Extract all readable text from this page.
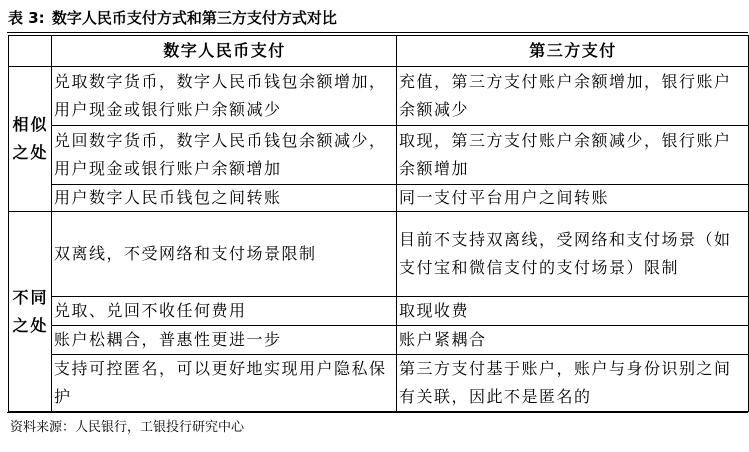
表 3: 数字人民币支付方式和第三方支付方式对比
	数字人民币支付	第三方支付
相似之处	兑取数字货币，数字人民币钱包余额增加，用户现金或银行账户余额减少	充值，第三方支付账户余额增加，银行账户余额减少
	兑回数字货币，数字人民币钱包余额减少，用户现金或银行账户余额增加	取现，第三方支付账户余额减少，银行账户余额增加
	用户数字人民币钱包之间转账	同一支付平台用户之间转账
不同之处	双离线，不受网络和支付场景限制	目前不支持双离线，受网络和支付场景（如支付宝和微信支付的支付场景）限制
	兑取、兑回不收任何费用	取现收费
	账户松耦合，普惠性更进一步	账户紧耦合
	支持可控匿名，可以更好地实现用户隐私保护	第三方支付基于账户，账户与身份识别之间有关联，因此不是匿名的
资料来源：人民银行，工银投行研究中心
